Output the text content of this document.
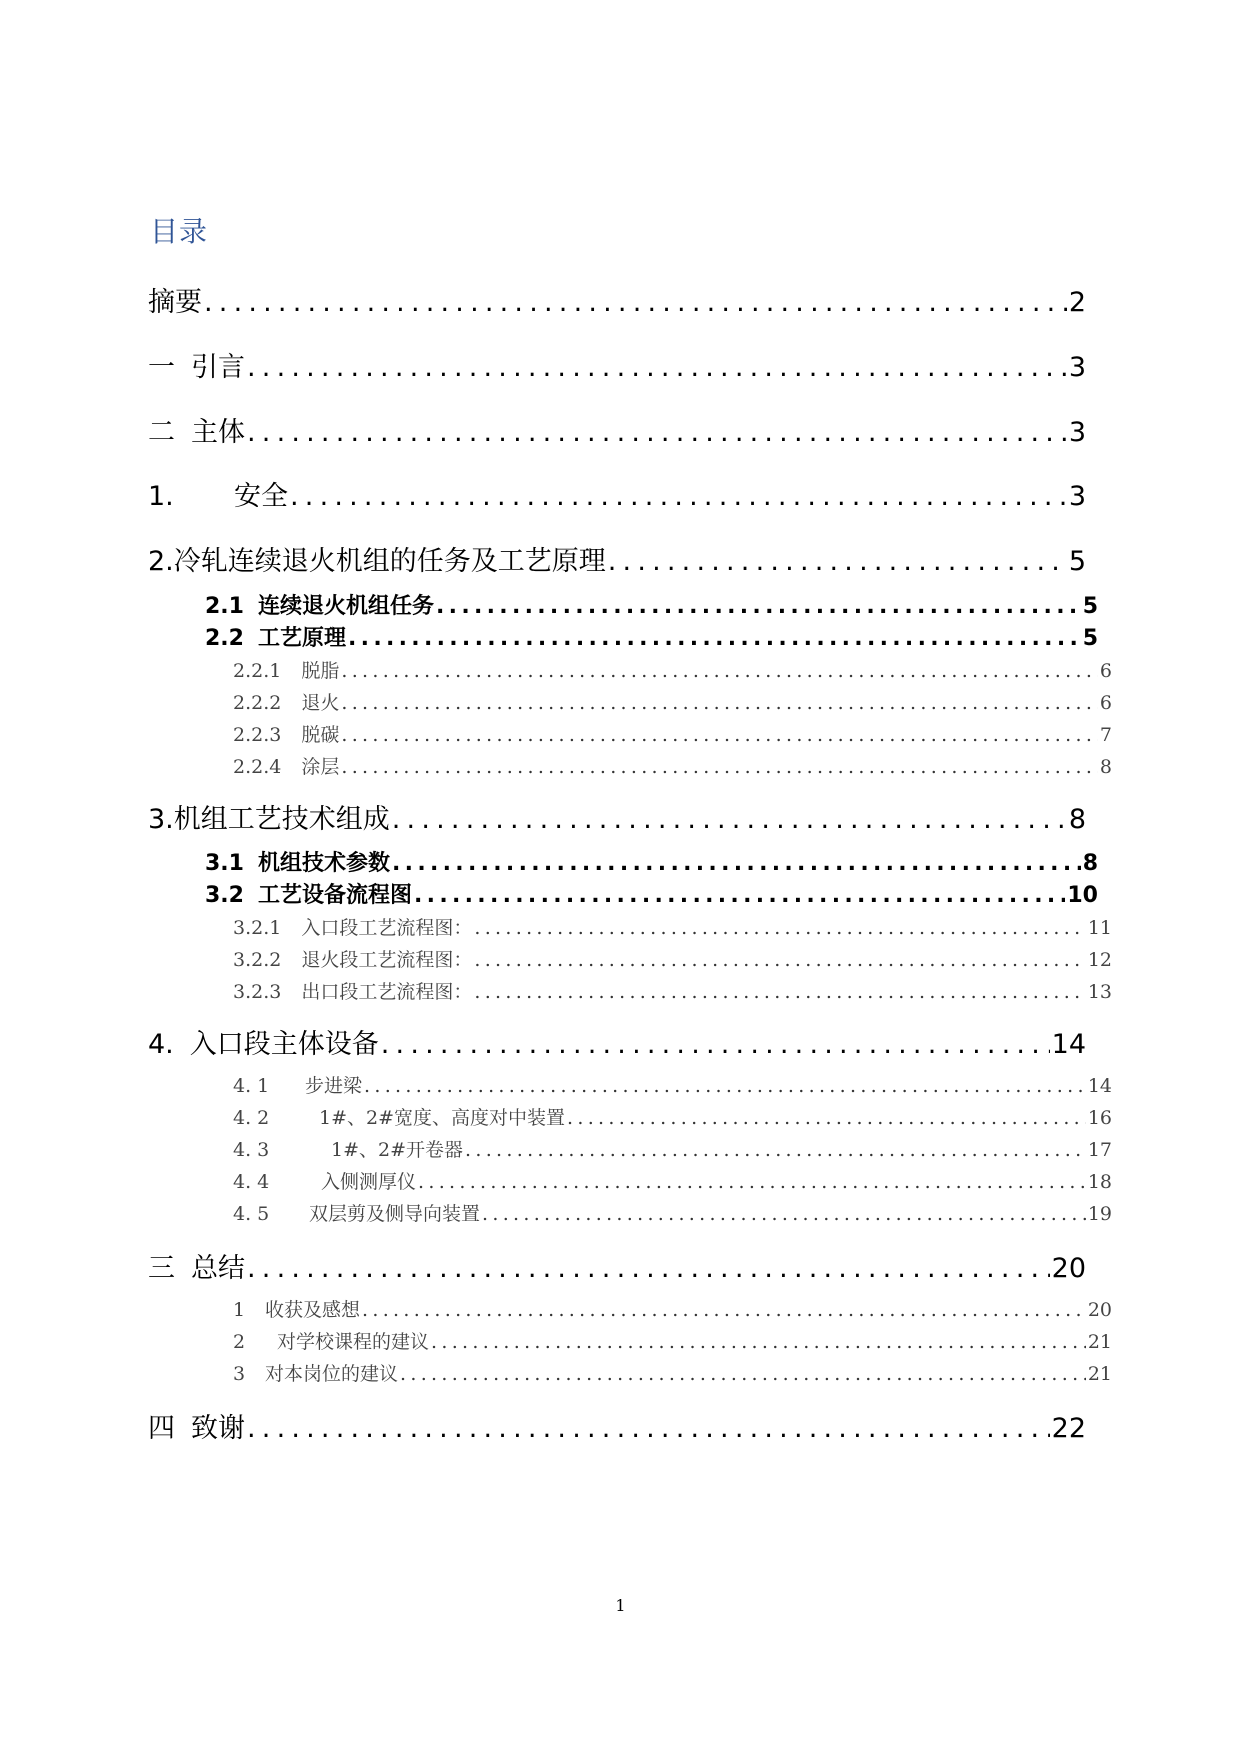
目录
摘要 .....	2
一 引言 .....	3
二 主体 .....	3
1.	安全 .....	3
2.冷轧连续退火机组的任务及工艺原理 .....	5
2.1 连续退火机组任务 .....	5
2.2 工艺原理 .....	5
2.2.1 脱脂 .....	6
2.2.2 退火 .....	6
2.2.3 脱碳 .....	7
2.2.4 涂层 .....	8
3.机组工艺技术组成 .....	8
3.1 机组技术参数 .....	8
3.2 工艺设备流程图 .....	10
3.2.1 入口段工艺流程图： .....	11
3.2.2 退火段工艺流程图： .....	12
3.2.3 出口段工艺流程图： .....	13
4. 入口段主体设备 .....	14
4. 1	步进梁 .....	14
4. 2	1#、2#宽度、高度对中装置 .....	16
4. 3	1#、2#开卷器 .....	17
4. 4	入侧测厚仪 .....	18
4. 5	双层剪及侧导向装置 .....	19
三 总结 .....	20
1	收获及感想 .....	20
2	对学校课程的建议 .....	21
3	对本岗位的建议 .....	21
四 致谢 .....	22
1
